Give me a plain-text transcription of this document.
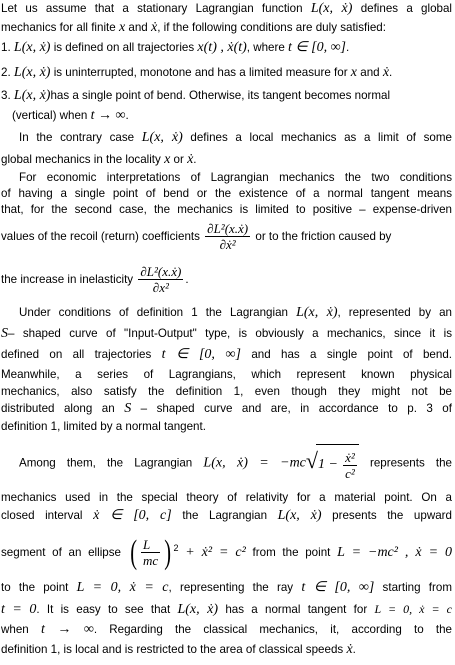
Let us assume that a stationary Lagrangian function L(x, ẋ) defines a global
mechanics for all finite x and ẋ, if the following conditions are duly satisfied:
1. L(x, ẋ) is defined on all trajectories x(t) , ẋ(t), where t ∈ [0, ∞].
2. L(x, ẋ) is uninterrupted, monotone and has a limited measure for x and ẋ.
3. L(x, ẋ)has a single point of bend. Otherwise, its tangent becomes normal
(vertical) when t → ∞.
In the contrary case L(x, ẋ) defines a local mechanics as a limit of some
global mechanics in the locality x or ẋ.
For economic interpretations of Lagrangian mechanics the two conditions
of having a single point of bend or the existence of a normal tangent means
that, for the second case, the mechanics is limited to positive – expense-driven
values of the recoil (return) coefficients $\frac{\text{∂L²(x.ẋ)}}{\text{∂ẋ²}}$ or to the friction caused by
the increase in inelasticity $\frac{\text{∂L²(x.ẋ)}}{\text{∂x²}}$ .
Under conditions of definition 1 the Lagrangian L(x, ẋ), represented by an
S– shaped curve of "Input-Output" type, is obviously a mechanics, since it is
defined on all trajectories t ∈ [0, ∞] and has a single point of bend.
Meanwhile, a series of Lagrangians, which represent known physical
mechanics, also satisfy the definition 1, even though they might not be
distributed along an S – shaped curve and are, in accordance to p. 3 of
definition 1, limited by a normal tangent.
Among them, the Lagrangian L(x, ẋ) = $-mc√1 - \frac{\text{ẋ²}}{\text{c²}}$ represents the
mechanics used in the special theory of relativity for a material point. On a
closed interval ẋ ∈ [0, c] the Lagrangian L(x, ẋ) presents the upward
segment of an ellipse ( $\frac{L}{mc}$ ) $^2$ + ẋ² = c² from the point L = −mc² , ẋ = 0
to the point L = 0, ẋ = c, representing the ray t ∈ [0, ∞] starting from
t = 0. It is easy to see that L(x, ẋ) has a normal tangent for L = 0, ẋ = c
when t → ∞. Regarding the classical mechanics, it, according to the
definition 1, is local and is restricted to the area of classical speeds ẋ.
